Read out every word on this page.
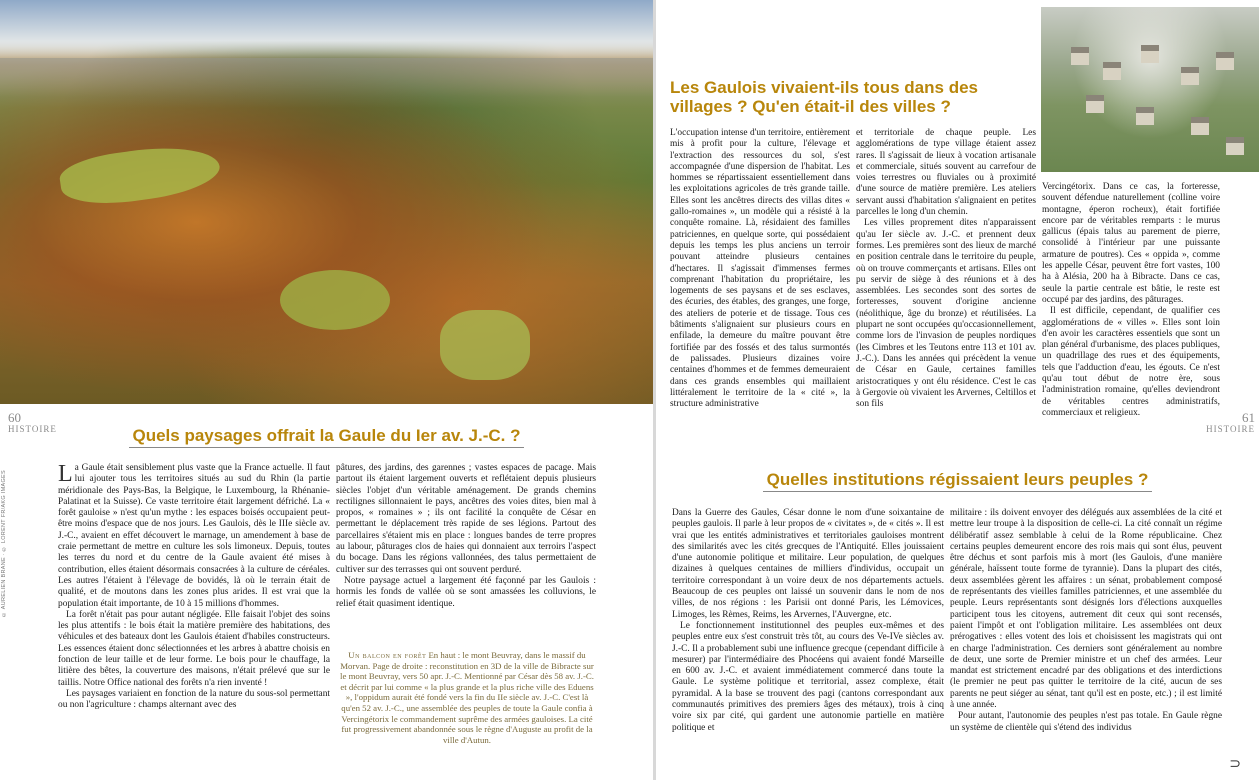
60
HISTOIRE	Quels paysages offrait la Gaule du Ier av. J.-C. ?
© AURELIEN BRANE · © LORENT FR/AKG IMAGES La Gaule était sensiblement plus vaste que la France actuelle. Il faut lui ajouter tous les territoires situés au sud du Rhin (la partie méridionale des Pays-Bas, la Belgique, le Luxembourg, la Rhénanie-Palatinat et la Suisse). Ce vaste territoire était largement défriché. La « forêt gauloise » n'est qu'un mythe : les espaces boisés occupaient peut-être moins d'espace que de nos jours. Les Gaulois, dès le IIIe siècle av. J.-C., avaient en effet découvert le marnage, un amendement à base de craie permettant de mettre en culture les sols limoneux. Depuis, toutes les terres du nord et du centre de la Gaule avaient été mises à contribution, elles étaient désormais consacrées à la culture de céréales. Les autres l'étaient à l'élevage de bovidés, là où le terrain était de qualité, et de moutons dans les zones plus arides. Il est vrai que la population était importante, de 10 à 15 millions d'hommes.

La forêt n'était pas pour autant négligée. Elle faisait l'objet des soins les plus attentifs : le bois était la matière première des habitations, des véhicules et des bateaux dont les Gaulois étaient d'habiles constructeurs. Les essences étaient donc sélectionnées et les arbres à abattre choisis en fonction de leur taille et de leur forme. Le bois pour le chauffage, la litière des bêtes, la couverture des maisons, n'était prélevé que sur le taillis. Notre Office national des forêts n'a rien inventé !

Les paysages variaient en fonction de la nature du sous-sol permettant ou non l'agriculture : champs alternant avec des

pâtures, des jardins, des garennes ; vastes espaces de pacage. Mais partout ils étaient largement ouverts et reflétaient depuis plusieurs siècles l'objet d'un véritable aménagement. De grands chemins rectilignes sillonnaient le pays, ancêtres des voies dites, bien mal à propos, « romaines » ; ils ont facilité la conquête de César en permettant le déplacement très rapide de ses légions. Partout des parcellaires s'étaient mis en place : longues bandes de terre propres au labour, pâturages clos de haies qui donnaient aux terroirs l'aspect du bocage. Dans les régions vallonnées, des talus permettaient de cultiver sur des terrasses qui ont souvent perduré.

Notre paysage actuel a largement été façonné par les Gaulois : hormis les fonds de vallée où se sont amassées les colluvions, le relief était quasiment identique.

Un balcon en forêt En haut : le mont Beuvray, dans le massif du Morvan. Page de droite : reconstitution en 3D de la ville de Bibracte sur le mont Beuvray, vers 50 apr. J.-C. Mentionné par César dès 58 av. J.-C. et décrit par lui comme « la plus grande et la plus riche ville des Eduens », l'oppidum aurait été fondé vers la fin du IIe siècle av. J.-C. C'est là qu'en 52 av. J.-C., une assemblée des peuples de toute la Gaule confia à Vercingétorix le commandement suprême des armées gauloises. La cité fut progressivement abandonnée sous le règne d'Auguste au profit de la ville d'Autun.
Les Gaulois vivaient-ils tous dans des villages ? Qu'en était-il des villes ?

L'occupation intense d'un territoire, entièrement mis à profit pour la culture, l'élevage et l'extraction des ressources du sol, s'est accompagnée d'une dispersion de l'habitat. Les hommes se répartissaient essentiellement dans les exploitations agricoles de très grande taille. Elles sont les ancêtres directs des villas dites « gallo-romaines », un modèle qui a résisté à la conquête romaine. Là, résidaient des familles patriciennes, en quelque sorte, qui possédaient depuis les temps les plus anciens un terroir pouvant atteindre plusieurs centaines d'hectares. Il s'agissait d'immenses fermes comprenant l'habitation du propriétaire, les logements de ses paysans et de ses esclaves, des écuries, des étables, des granges, une forge, des ateliers de poterie et de tissage. Tous ces bâtiments s'alignaient sur plusieurs cours en enfilade, la demeure du maître pouvant être fortifiée par des fossés et des talus surmontés de palissades. Plusieurs dizaines voire centaines d'hommes et de femmes demeuraient dans ces grands ensembles qui maillaient littéralement le territoire de la « cité », la structure administrative

et territoriale de chaque peuple. Les agglomérations de type village étaient assez rares. Il s'agissait de lieux à vocation artisanale et commerciale, situés souvent au carrefour de voies terrestres ou fluviales ou à proximité d'une source de matière première. Les ateliers servant aussi d'habitation s'alignaient en petites parcelles le long d'un chemin.

Les villes proprement dites n'apparaissent qu'au Ier siècle av. J.-C. et prennent deux formes. Les premières sont des lieux de marché en position centrale dans le territoire du peuple, où on trouve commerçants et artisans. Elles ont pu servir de siège à des réunions et à des assemblées. Les secondes sont des sortes de forteresses, souvent d'origine ancienne (néolithique, âge du bronze) et réutilisées. La plupart ne sont occupées qu'occasionnellement, comme lors de l'invasion de peuples nordiques (les Cimbres et les Teutons entre 113 et 101 av. J.-C.). Dans les années qui précèdent la venue de César en Gaule, certaines familles aristocratiques y ont élu résidence. C'est le cas à Gergovie où vivaient les Arvernes, Celtillos et son fils

Vercingétorix. Dans ce cas, la forteresse, souvent défendue naturellement (colline voire montagne, éperon rocheux), était fortifiée encore par de véritables remparts : le murus gallicus (épais talus au parement de pierre, consolidé à l'intérieur par une puissante armature de poutres). Ces « oppida », comme les appelle César, peuvent être fort vastes, 100 ha à Alésia, 200 ha à Bibracte. Dans ce cas, seule la partie centrale est bâtie, le reste est occupé par des jardins, des pâturages.

Il est difficile, cependant, de qualifier ces agglomérations de « villes ». Elles sont loin d'en avoir les caractères essentiels que sont un plan général d'urbanisme, des places publiques, un quadrillage des rues et des équipements, tels que l'adduction d'eau, les égouts. Ce n'est qu'au tout début de notre ère, sous l'administration romaine, qu'elles deviendront de véritables centres administratifs, commerciaux et religieux.	61
HISTOIRE
Quelles institutions régissaient leurs peuples ?

Dans la Guerre des Gaules, César donne le nom d'une soixantaine de peuples gaulois. Il parle à leur propos de « civitates », de « cités ». Il est vrai que les entités administratives et territoriales gauloises montrent des similarités avec les cités grecques de l'Antiquité. Elles jouissaient d'une autonomie politique et militaire. Leur population, de quelques dizaines à quelques centaines de milliers d'individus, occupait un territoire correspondant à un voire deux de nos départements actuels. Beaucoup de ces peuples ont laissé un souvenir dans le nom de nos villes, de nos régions : les Parisii ont donné Paris, les Lémovices, Limoges, les Rèmes, Reims, les Arvernes, l'Auvergne, etc.

Le fonctionnement institutionnel des peuples eux-mêmes et des peuples entre eux s'est construit très tôt, au cours des Ve-IVe siècles av. J.-C. Il a probablement subi une influence grecque (cependant difficile à mesurer) par l'intermédiaire des Phocéens qui avaient fondé Marseille en 600 av. J.-C. et avaient immédiatement commercé dans toute la Gaule. Le système politique et territorial, assez complexe, était pyramidal. A la base se trouvent des pagi (cantons correspondant aux communautés primitives des premiers âges des métaux), trois à cinq voire six par cité, qui gardent une autonomie partielle en matière politique et

militaire : ils doivent envoyer des délégués aux assemblées de la cité et mettre leur troupe à la disposition de celle-ci. La cité connaît un régime délibératif assez semblable à celui de la Rome républicaine. Chez certains peuples demeurent encore des rois mais qui sont élus, peuvent être déchus et sont parfois mis à mort (les Gaulois, d'une manière générale, haïssent toute forme de tyrannie). Dans la plupart des cités, deux assemblées gèrent les affaires : un sénat, probablement composé de représentants des vieilles familles patriciennes, et une assemblée du peuple. Leurs représentants sont désignés lors d'élections auxquelles participent tous les citoyens, autrement dit ceux qui sont recensés, paient l'impôt et ont l'obligation militaire. Les assemblées ont deux prérogatives : elles votent des lois et choisissent les magistrats qui ont en charge l'administration. Ces derniers sont généralement au nombre de deux, une sorte de Premier ministre et un chef des armées. Leur mandat est strictement encadré par des obligations et des interdictions (le premier ne peut pas quitter le territoire de la cité, aucun de ses parents ne peut siéger au sénat, tant qu'il est en poste, etc.) ; il est limité à une année.

Pour autant, l'autonomie des peuples n'est pas totale. En Gaule règne un système de clientèle qui s'étend des individus

⊃
